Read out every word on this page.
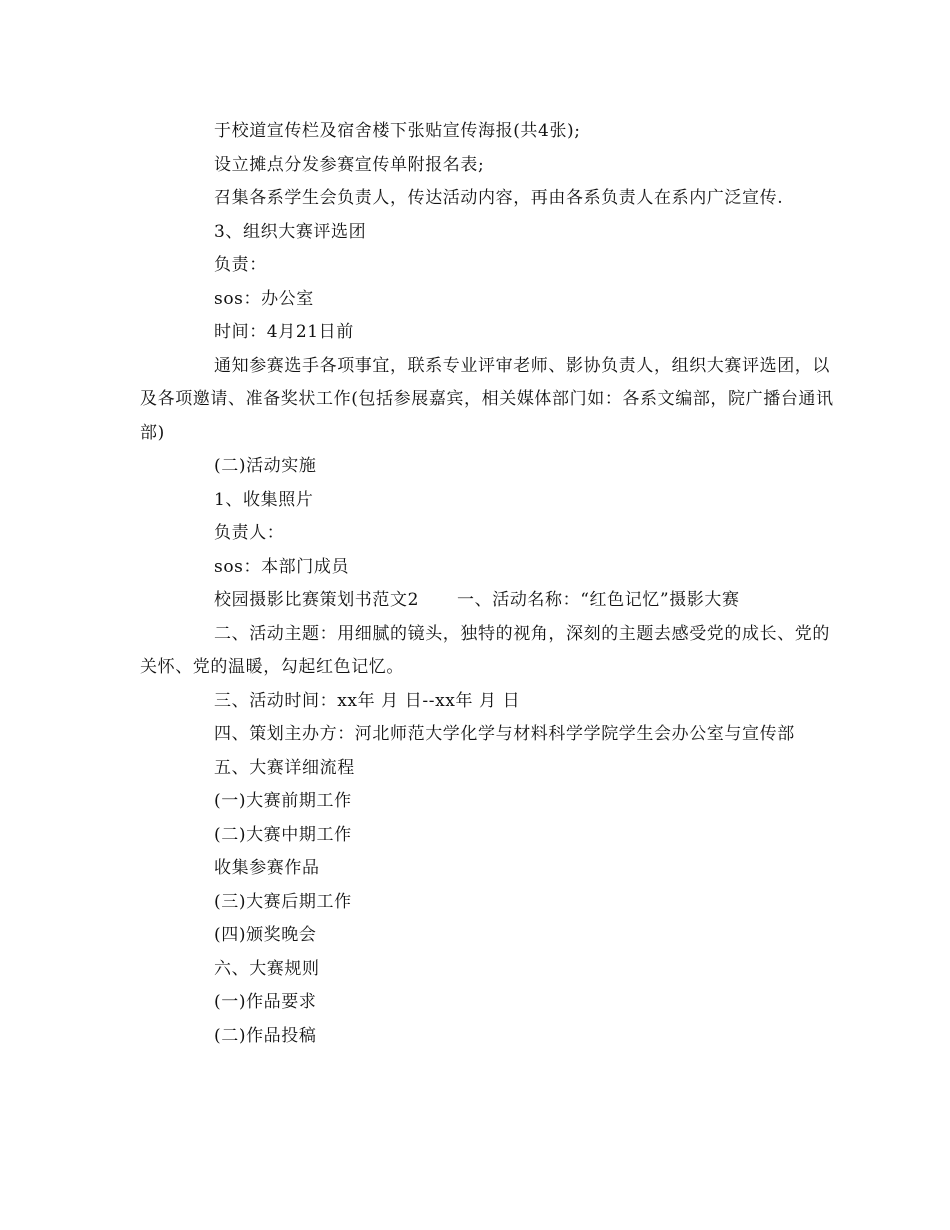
于校道宣传栏及宿舍楼下张贴宣传海报(共4张);

设立摊点分发参赛宣传单附报名表;

召集各系学生会负责人，传达活动内容，再由各系负责人在系内广泛宣传.

3、组织大赛评选团

负责：

sos：办公室

时间：4月21日前

通知参赛选手各项事宜，联系专业评审老师、影协负责人，组织大赛评选团，以及各项邀请、准备奖状工作(包括参展嘉宾，相关媒体部门如：各系文编部，院广播台通讯部)

(二)活动实施

1、收集照片

负责人：

sos：本部门成员

校园摄影比赛策划书范文2 一、活动名称：“红色记忆”摄影大赛

二、活动主题：用细腻的镜头，独特的视角，深刻的主题去感受党的成长、党的关怀、党的温暖，勾起红色记忆。

三、活动时间：xx年 月 日--xx年 月 日

四、策划主办方：河北师范大学化学与材料科学学院学生会办公室与宣传部

五、大赛详细流程

(一)大赛前期工作

(二)大赛中期工作

收集参赛作品

(三)大赛后期工作

(四)颁奖晚会

六、大赛规则

(一)作品要求

(二)作品投稿
